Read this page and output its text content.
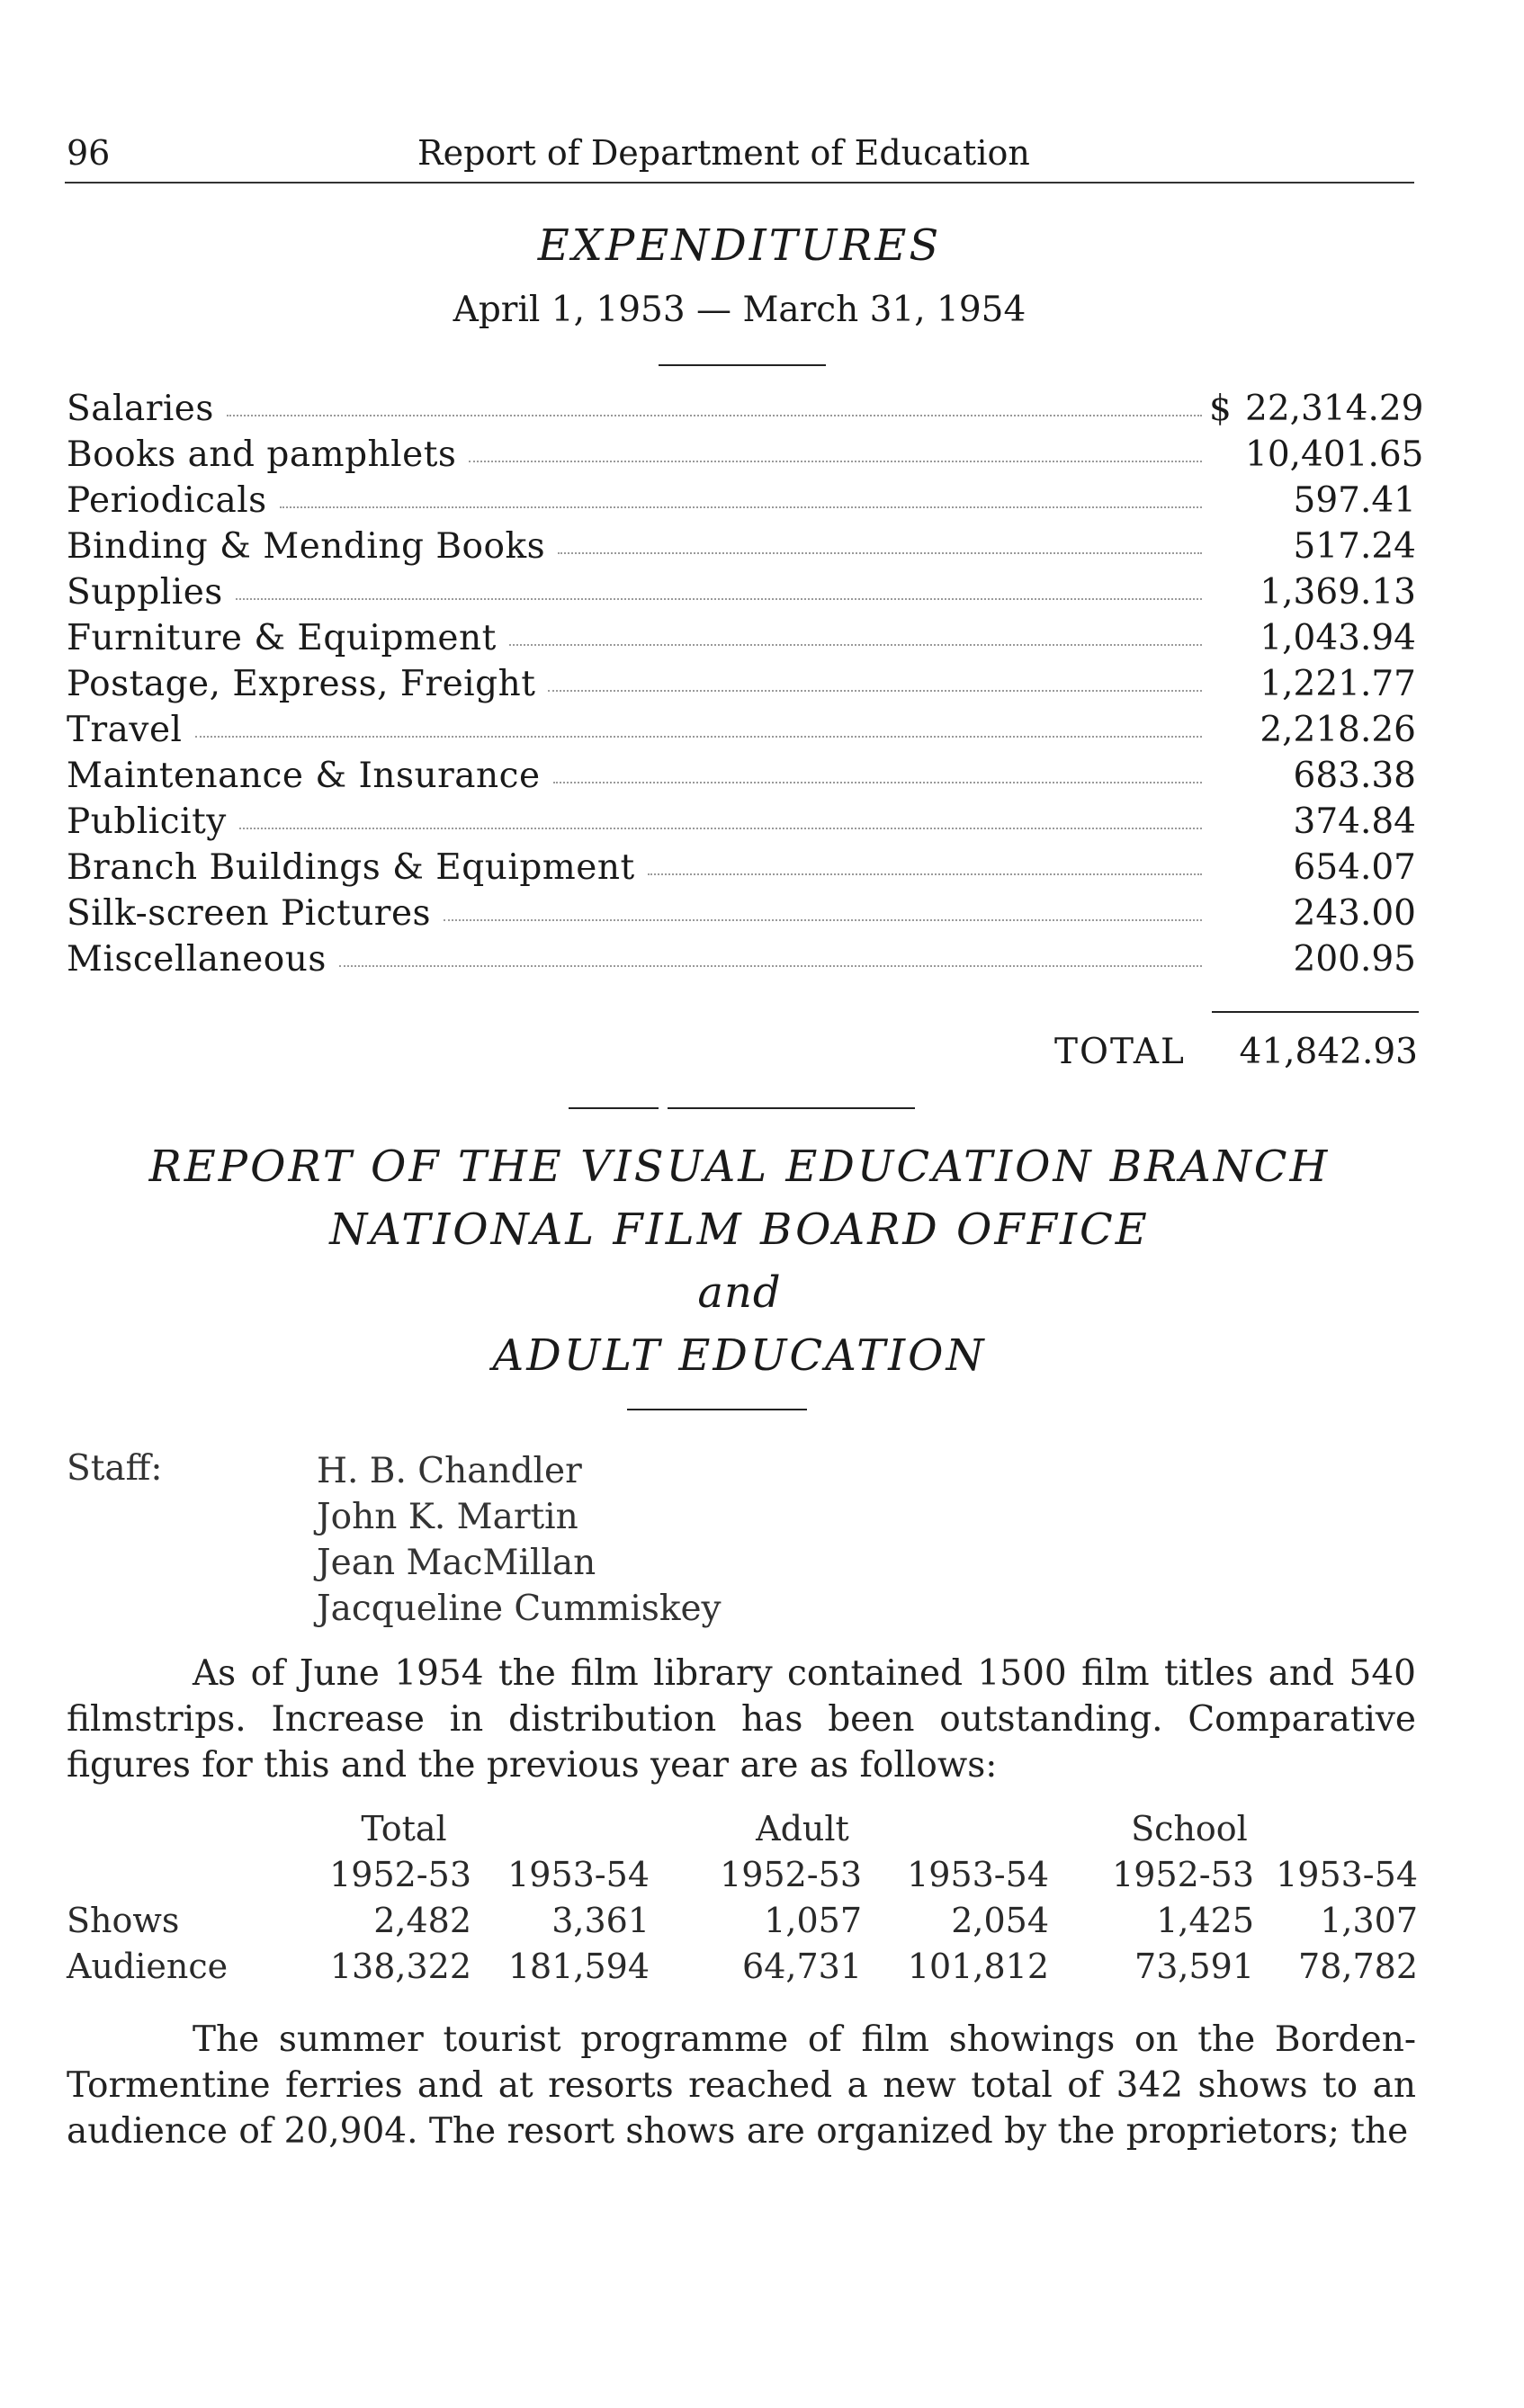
96	Report of Department of Education
EXPENDITURES
April 1, 1953 — March 31, 1954
Salaries	$ 22,314.29
Books and pamphlets	10,401.65
Periodicals	597.41
Binding & Mending Books	517.24
Supplies	1,369.13
Furniture & Equipment	1,043.94
Postage, Express, Freight	1,221.77
Travel	2,218.26
Maintenance & Insurance	683.38
Publicity	374.84
Branch Buildings & Equipment	654.07
Silk-screen Pictures	243.00
Miscellaneous	200.95
TOTAL 41,842.93
REPORT OF THE VISUAL EDUCATION BRANCH
NATIONAL FILM BOARD OFFICE
and
ADULT EDUCATION
Staff:	H. B. Chandler
John K. Martin
Jean MacMillan
Jacqueline Cummiskey
As of June 1954 the film library contained 1500 film titles and 540 filmstrips. Increase in distribution has been outstanding. Comparative figures for this and the previous year are as follows:
Total	Adult	School
1952-53	1953-54	1952-53	1953-54	1952-53 1953-54
Shows	2,482	3,361	1,057	2,054	1,425	1,307
Audience	138,322	181,594	64,731	101,812	73,591	78,782
The summer tourist programme of film showings on the Borden-Tormentine ferries and at resorts reached a new total of 342 shows to an audience of 20,904. The resort shows are organized by the proprietors; the
